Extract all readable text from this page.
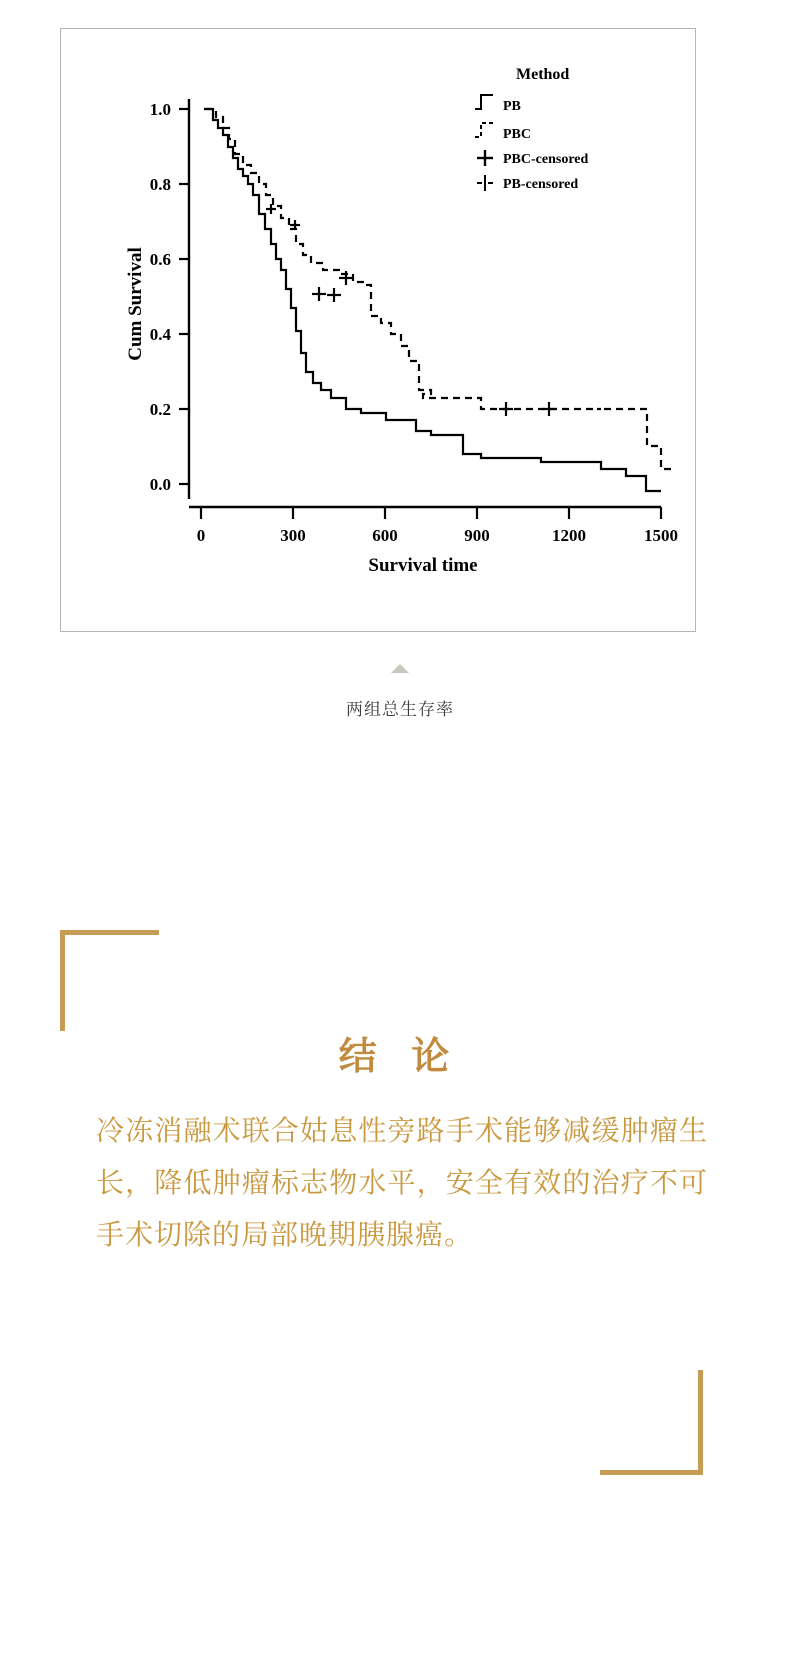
1.0
0.8
0.6
0.4
0.2
0.0
0	300	600	900	1200	1500
Survival time
Cum Survival
Method
PB
PBC
PBC-censored
PB-censored
两组总生存率
结 论
冷冻消融术联合姑息性旁路手术能够减缓肿瘤生长，降低肿瘤标志物水平，安全有效的治疗不可手术切除的局部晚期胰腺癌。
